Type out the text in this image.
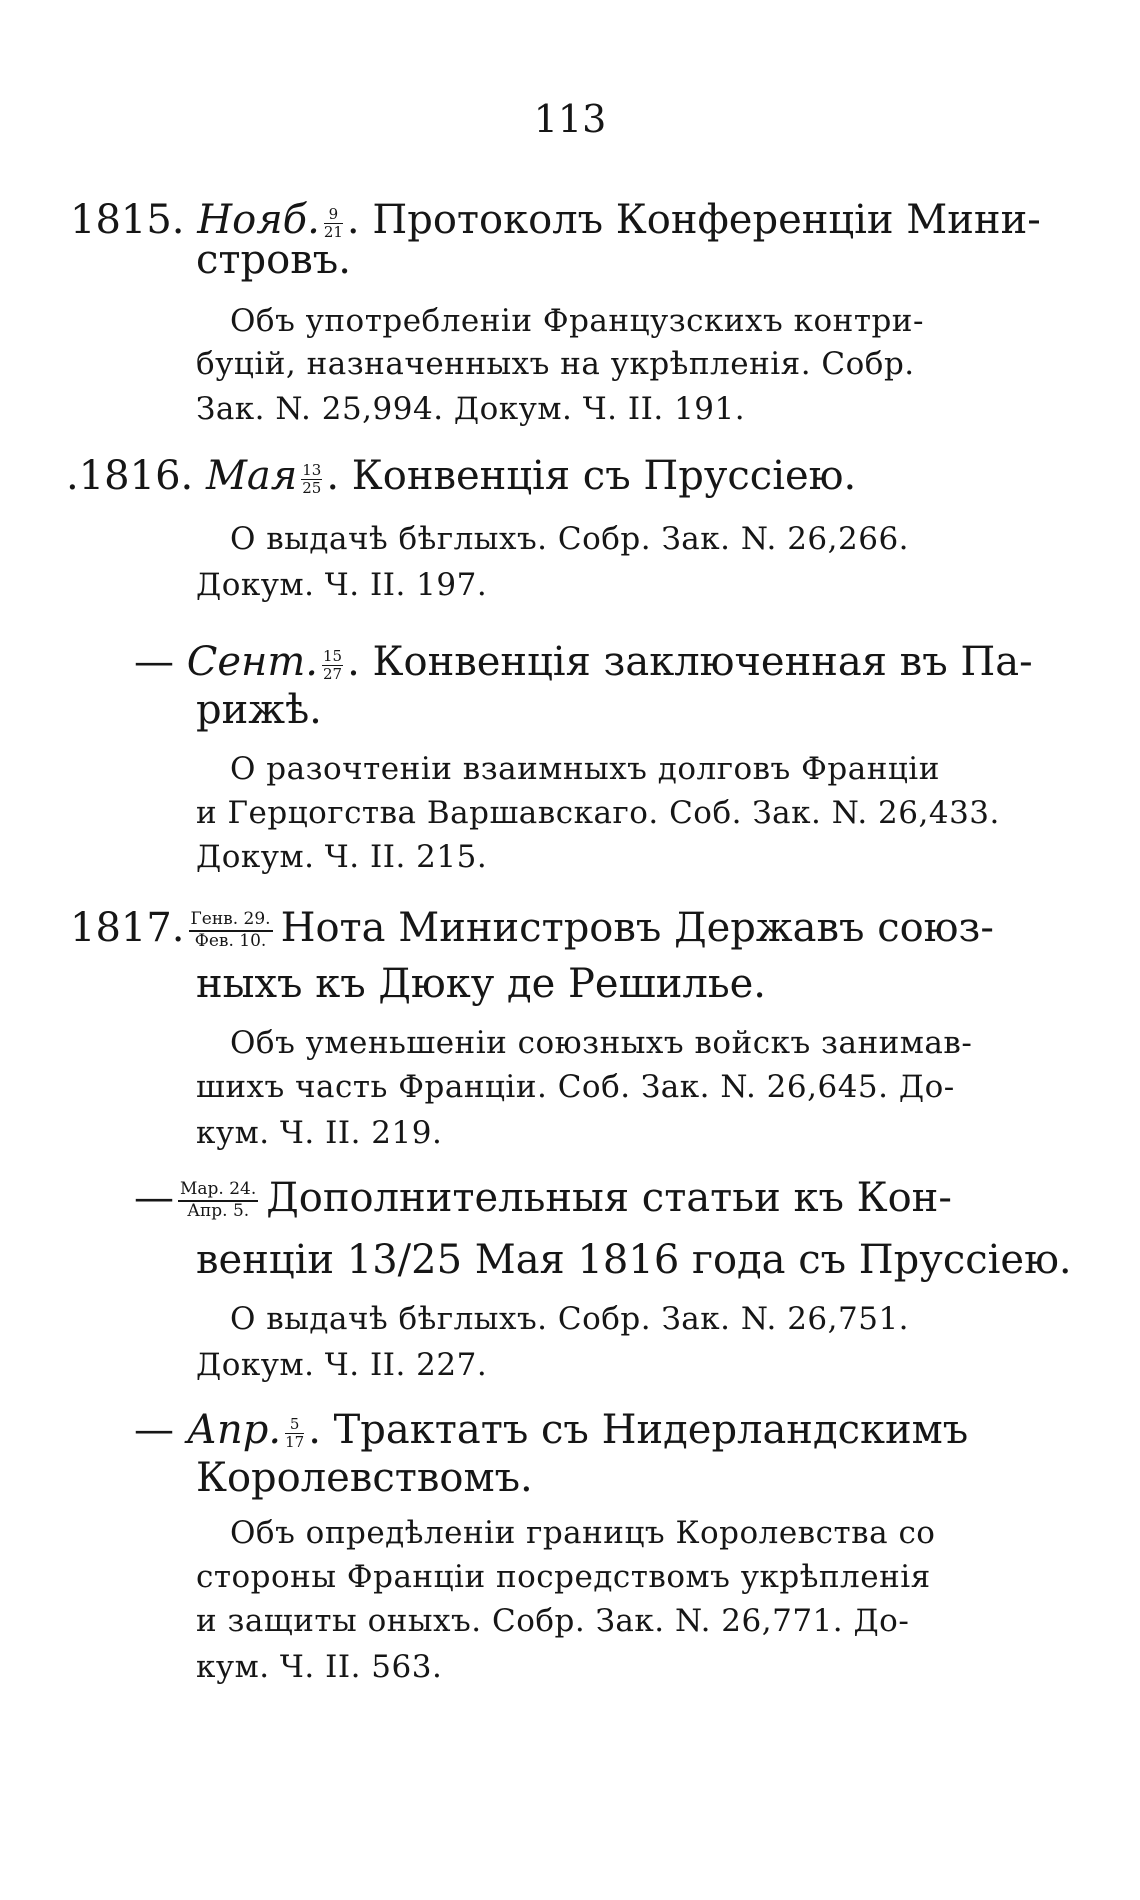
113
1815. Нояб. $\frac{9}{21}$ . Протоколъ Конференціи Мини-
стровъ.
Объ употребленіи Французскихъ контри-
буцій, назначенныхъ на укрѣпленія. Собр.
Зак. N. 25,994. Докум. Ч. II. 191.
.1816. Мая $\frac{13}{25}$ . Конвенція съ Пруссіею.
О выдачѣ бѣглыхъ. Собр. Зак. N. 26,266.
Докум. Ч. II. 197.
— Сент. $\frac{15}{27}$ . Конвенція заключенная въ Па-
рижѣ.
О разочтеніи взаимныхъ долговъ Франціи
и Герцогства Варшавскаго. Соб. Зак. N. 26,433.
Докум. Ч. II. 215.
1817. $\frac{\text{Генв. 29.}}{\text{Фев. 10.}}$ Нота Министровъ Державъ союз-
ныхъ къ Дюку де Решилье.
Объ уменьшеніи союзныхъ войскъ занимав-
шихъ часть Франціи. Соб. Зак. N. 26,645. До-
кум. Ч. II. 219.
— $\frac{\text{Мар. 24.}}{\text{Апр. 5.}}$ Дополнительныя статьи къ Кон-
венціи 13/25 Мая 1816 года съ Пруссіею.
О выдачѣ бѣглыхъ. Собр. Зак. N. 26,751.
Докум. Ч. II. 227.
— Апр. $\frac{5}{17}$ . Трактатъ съ Нидерландскимъ
Королевствомъ.
Объ опредѣленіи границъ Королевства со
стороны Франціи посредствомъ укрѣпленія
и защиты оныхъ. Собр. Зак. N. 26,771. До-
кум. Ч. II. 563.
